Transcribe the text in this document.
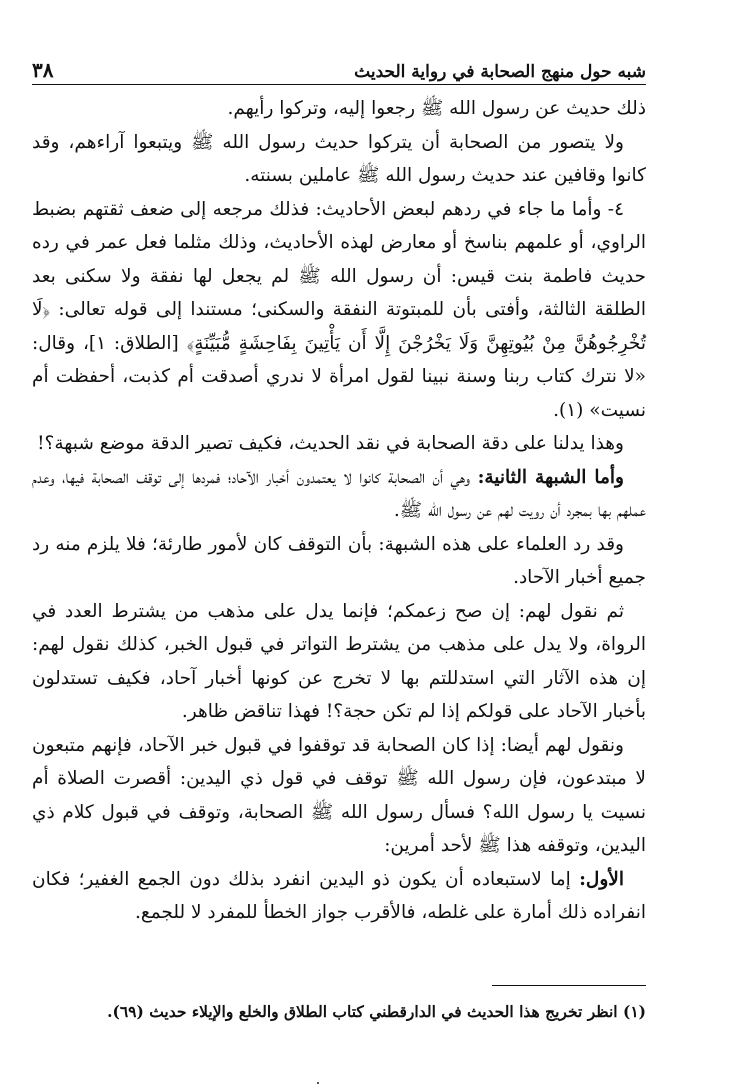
شبه حول منهج الصحابة في رواية الحديث
٣٨

ذلك حديث عن رسول الله ﷺ رجعوا إليه، وتركوا رأيهم.

ولا يتصور من الصحابة أن يتركوا حديث رسول الله ﷺ ويتبعوا آراءهم، وقد كانوا وقافين عند حديث رسول الله ﷺ عاملين بسنته.

٤- وأما ما جاء في ردهم لبعض الأحاديث: فذلك مرجعه إلى ضعف ثقتهم بضبط الراوي، أو علمهم بناسخ أو معارض لهذه الأحاديث، وذلك مثلما فعل عمر في رده حديث فاطمة بنت قيس: أن رسول الله ﷺ لم يجعل لها نفقة ولا سكنى بعد الطلقة الثالثة، وأفتى بأن للمبتوتة النفقة والسكنى؛ مستندا إلى قوله تعالى: ﴿لَا تُخْرِجُوهُنَّ مِنْ بُيُوتِهِنَّ وَلَا يَخْرُجْنَ إِلَّا أَن يَأْتِينَ بِفَاحِشَةٍ مُّبَيِّنَةٍ﴾ [الطلاق: ١]، وقال: «لا نترك كتاب ربنا وسنة نبينا لقول امرأة لا ندري أصدقت أم كذبت، أحفظت أم نسيت» (١).

وهذا يدلنا على دقة الصحابة في نقد الحديث، فكيف تصير الدقة موضع شبهة؟!

وأما الشبهة الثانية: وهي أن الصحابة كانوا لا يعتمدون أخبار الآحاد؛ فمردها إلى توقف الصحابة فيها، وعدم عملهم بها بمجرد أن رويت لهم عن رسول الله ﷺ.

وقد رد العلماء على هذه الشبهة: بأن التوقف كان لأمور طارئة؛ فلا يلزم منه رد جميع أخبار الآحاد.

ثم نقول لهم: إن صح زعمكم؛ فإنما يدل على مذهب من يشترط العدد في الرواة، ولا يدل على مذهب من يشترط التواتر في قبول الخبر، كذلك نقول لهم: إن هذه الآثار التي استدللتم بها لا تخرج عن كونها أخبار آحاد، فكيف تستدلون بأخبار الآحاد على قولكم إذا لم تكن حجة؟! فهذا تناقض ظاهر.

ونقول لهم أيضا: إذا كان الصحابة قد توقفوا في قبول خبر الآحاد، فإنهم متبعون لا مبتدعون، فإن رسول الله ﷺ توقف في قول ذي اليدين: أقصرت الصلاة أم نسيت يا رسول الله؟ فسأل رسول الله ﷺ الصحابة، وتوقف في قبول كلام ذي اليدين، وتوقفه هذا ﷺ لأحد أمرين:

الأول: إما لاستبعاده أن يكون ذو اليدين انفرد بذلك دون الجمع الغفير؛ فكان انفراده ذلك أمارة على غلطه، فالأقرب جواز الخطأ للمفرد لا للجمع.

(١) انظر تخريج هذا الحديث في الدارقطني كتاب الطلاق والخلع والإيلاء حديث (٦٩).
